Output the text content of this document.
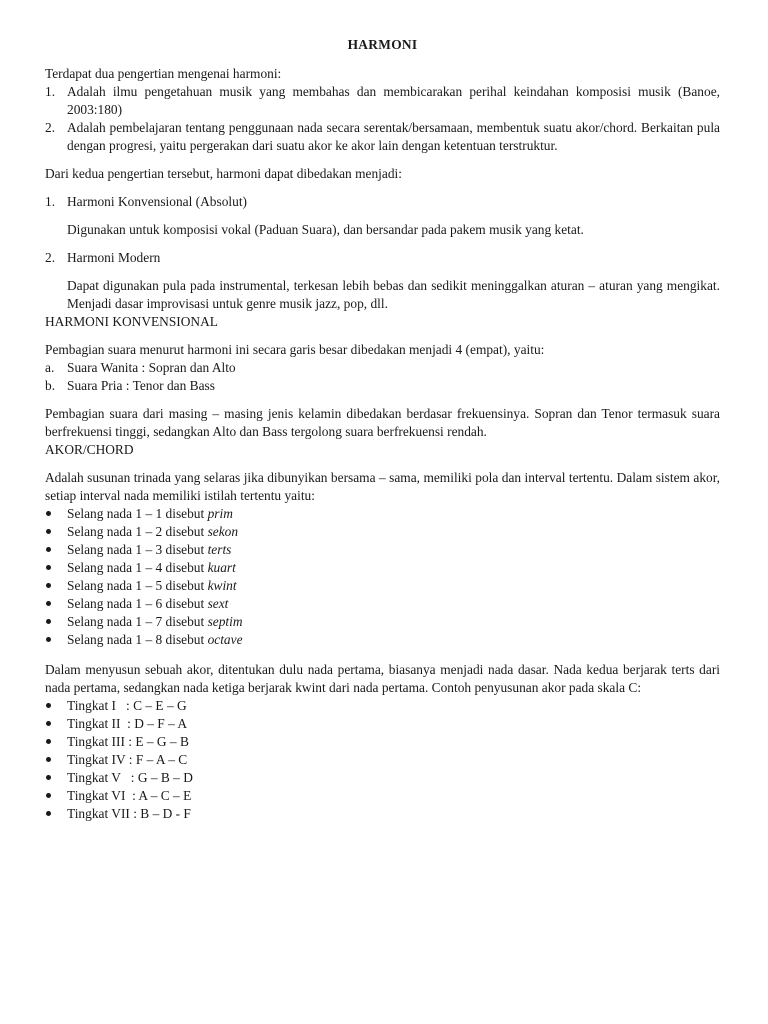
HARMONI

Terdapat dua pengertian mengenai harmoni:

1. Adalah ilmu pengetahuan musik yang membahas dan membicarakan perihal keindahan komposisi musik (Banoe, 2003:180)
2. Adalah pembelajaran tentang penggunaan nada secara serentak/bersamaan, membentuk suatu akor/chord. Berkaitan pula dengan progresi, yaitu pergerakan dari suatu akor ke akor lain dengan ketentuan terstruktur.

Dari kedua pengertian tersebut, harmoni dapat dibedakan menjadi:

1. Harmoni Konvensional (Absolut)

Digunakan untuk komposisi vokal (Paduan Suara), dan bersandar pada pakem musik yang ketat.

2. Harmoni Modern

Dapat digunakan pula pada instrumental, terkesan lebih bebas dan sedikit meninggalkan aturan – aturan yang mengikat. Menjadi dasar improvisasi untuk genre musik jazz, pop, dll.

HARMONI KONVENSIONAL

Pembagian suara menurut harmoni ini secara garis besar dibedakan menjadi 4 (empat), yaitu:

a. Suara Wanita : Sopran dan Alto
b. Suara Pria : Tenor dan Bass

Pembagian suara dari masing – masing jenis kelamin dibedakan berdasar frekuensinya. Sopran dan Tenor termasuk suara berfrekuensi tinggi, sedangkan Alto dan Bass tergolong suara berfrekuensi rendah.

AKOR/CHORD

Adalah susunan trinada yang selaras jika dibunyikan bersama – sama, memiliki pola dan interval tertentu. Dalam sistem akor, setiap interval nada memiliki istilah tertentu yaitu:

Selang nada 1 – 1 disebut prim
Selang nada 1 – 2 disebut sekon
Selang nada 1 – 3 disebut terts
Selang nada 1 – 4 disebut kuart
Selang nada 1 – 5 disebut kwint
Selang nada 1 – 6 disebut sext
Selang nada 1 – 7 disebut septim
Selang nada 1 – 8 disebut octave

Dalam menyusun sebuah akor, ditentukan dulu nada pertama, biasanya menjadi nada dasar. Nada kedua berjarak terts dari nada pertama, sedangkan nada ketiga berjarak kwint dari nada pertama. Contoh penyusunan akor pada skala C:

Tingkat I   : C – E – G
Tingkat II  : D – F – A
Tingkat III : E – G – B
Tingkat IV : F – A – C
Tingkat V   : G – B – D
Tingkat VI  : A – C – E
Tingkat VII : B – D - F
